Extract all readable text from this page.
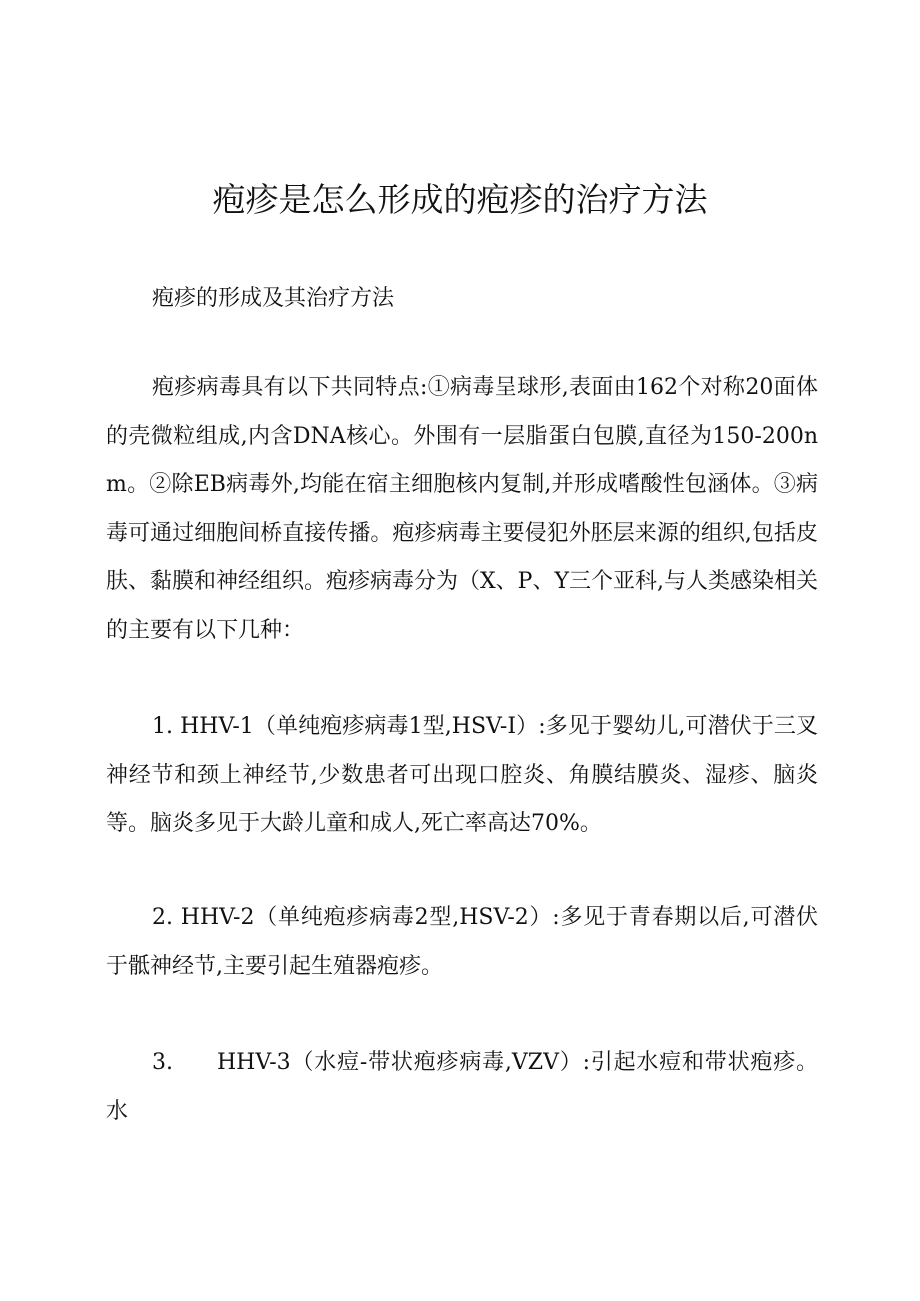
疱疹是怎么形成的疱疹的治疗方法

疱疹的形成及其治疗方法

疱疹病毒具有以下共同特点:①病毒呈球形,表面由162个对称20面体的壳微粒组成,内含DNA核心。外围有一层脂蛋白包膜,直径为150-200nm。②除EB病毒外,均能在宿主细胞核内复制,并形成嗜酸性包涵体。③病毒可通过细胞间桥直接传播。疱疹病毒主要侵犯外胚层来源的组织,包括皮肤、黏膜和神经组织。疱疹病毒分为（X、P、Y三个亚科,与人类感染相关的主要有以下几种：

1. HHV-1（单纯疱疹病毒1型,HSV-I）:多见于婴幼儿,可潜伏于三叉神经节和颈上神经节,少数患者可出现口腔炎、角膜结膜炎、湿疹、脑炎等。脑炎多见于大龄儿童和成人,死亡率高达70%。

2. HHV-2（单纯疱疹病毒2型,HSV-2）:多见于青春期以后,可潜伏于骶神经节,主要引起生殖器疱疹。

3. HHV-3（水痘-带状疱疹病毒,VZV）:引起水痘和带状疱疹。水
